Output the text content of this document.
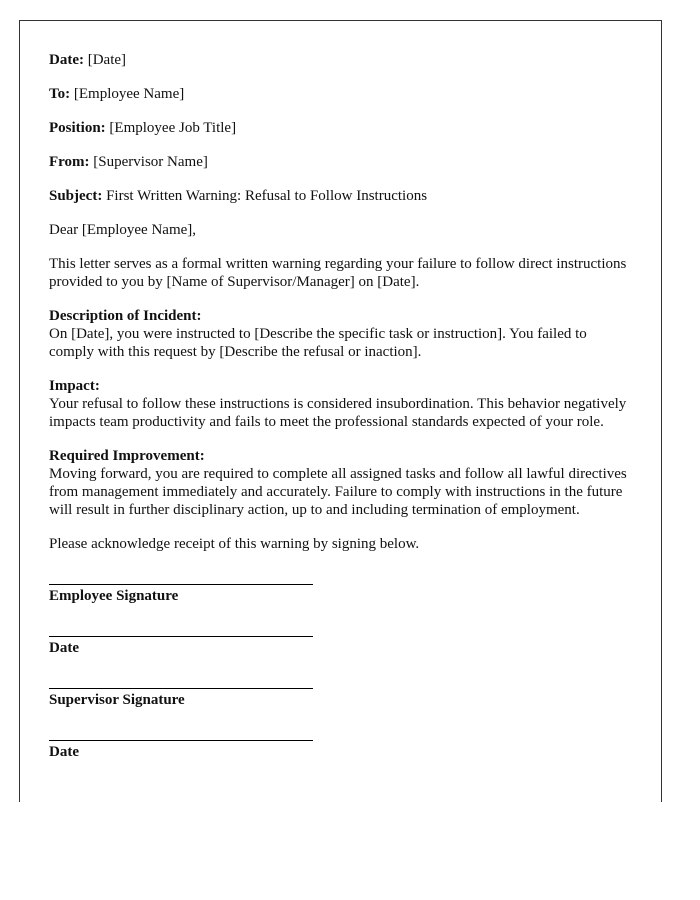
Date: [Date]

To: [Employee Name]

Position: [Employee Job Title]

From: [Supervisor Name]

Subject: First Written Warning: Refusal to Follow Instructions

Dear [Employee Name],

This letter serves as a formal written warning regarding your failure to follow direct instructions provided to you by [Name of Supervisor/Manager] on [Date].

Description of Incident:
On [Date], you were instructed to [Describe the specific task or instruction]. You failed to comply with this request by [Describe the refusal or inaction].

Impact:
Your refusal to follow these instructions is considered insubordination. This behavior negatively impacts team productivity and fails to meet the professional standards expected of your role.

Required Improvement:
Moving forward, you are required to complete all assigned tasks and follow all lawful directives from management immediately and accurately. Failure to comply with instructions in the future will result in further disciplinary action, up to and including termination of employment.

Please acknowledge receipt of this warning by signing below.

Employee Signature
Date
Supervisor Signature
Date
